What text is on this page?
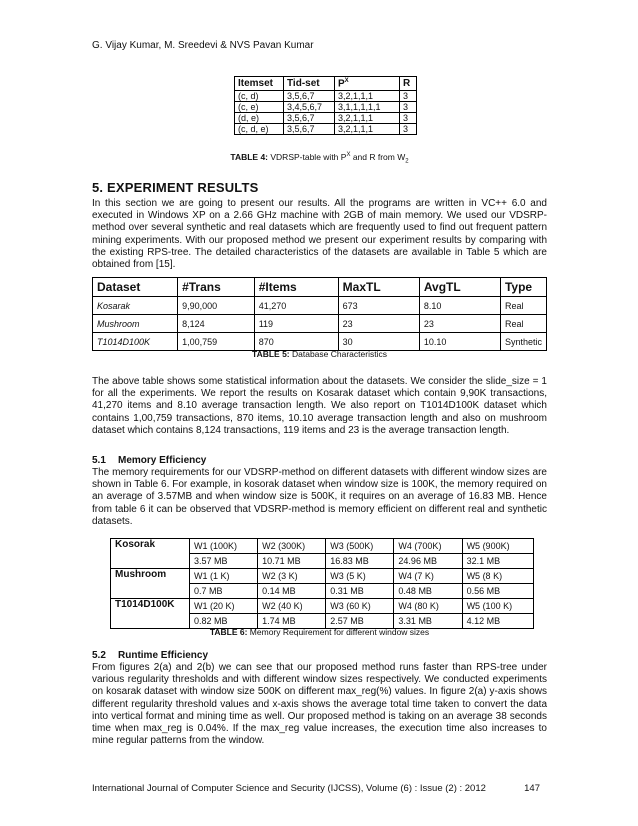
G. Vijay Kumar, M. Sreedevi & NVS Pavan Kumar
Itemset	Tid-set	$P^X$	R
(c, d)	3,5,6,7	3,2,1,1,1	3
(c, e)	3,4,5,6,7	3,1,1,1,1,1	3
(d, e)	3,5,6,7	3,2,1,1,1	3
(c, d, e)	3,5,6,7	3,2,1,1,1	3
TABLE 4: VDRSP-table with $P^X$ and R from $W_2$
5. EXPERIMENT RESULTS
In this section we are going to present our results. All the programs are written in VC++ 6.0 and executed in Windows XP on a 2.66 GHz machine with 2GB of main memory. We used our VDSRP-method over several synthetic and real datasets which are frequently used to find out frequent pattern mining experiments. With our proposed method we present our experiment results by comparing with the existing RPS-tree. The detailed characteristics of the datasets are available in Table 5 which are obtained from [15].
Dataset	#Trans	#Items	MaxTL	AvgTL	Type
Kosarak	9,90,000	41,270	673	8.10	Real
Mushroom	8,124	119	23	23	Real
T1014D100K	1,00,759	870	30	10.10	Synthetic
TABLE 5: Database Characteristics
The above table shows some statistical information about the datasets. We consider the slide_size = 1 for all the experiments. We report the results on Kosarak dataset which contain 9,90K transactions, 41,270 items and 8.10 average transaction length. We also report on T1014D100K dataset which contains 1,00,759 transactions, 870 items, 10.10 average transaction length and also on mushroom dataset which contains 8,124 transactions, 119 items and 23 is the average transaction length.
5.1 Memory Efficiency
The memory requirements for our VDSRP-method on different datasets with different window sizes are shown in Table 6. For example, in kosorak dataset when window size is 100K, the memory required on an average of 3.57MB and when window size is 500K, it requires on an average of 16.83 MB. Hence from table 6 it can be observed that VDSRP-method is memory efficient on different real and synthetic datasets.
Kosorak	W1 (100K)	W2 (300K)	W3 (500K)	W4 (700K)	W5 (900K)
	3.57 MB	10.71 MB	16.83 MB	24.96 MB	32.1 MB
Mushroom	W1 (1 K)	W2 (3 K)	W3 (5 K)	W4 (7 K)	W5 (8 K)
	0.7 MB	0.14 MB	0.31 MB	0.48 MB	0.56 MB
T1014D100K	W1 (20 K)	W2 (40 K)	W3 (60 K)	W4 (80 K)	W5 (100 K)
	0.82 MB	1.74 MB	2.57 MB	3.31 MB	4.12 MB
TABLE 6: Memory Requirement for different window sizes
5.2 Runtime Efficiency
From figures 2(a) and 2(b) we can see that our proposed method runs faster than RPS-tree under various regularity thresholds and with different window sizes respectively. We conducted experiments on kosarak dataset with window size 500K on different max_reg(%) values. In figure 2(a) y-axis shows different regularity threshold values and x-axis shows the average total time taken to convert the data into vertical format and mining time as well. Our proposed method is taking on an average 38 seconds time when max_reg is 0.04%. If the max_reg value increases, the execution time also increases to mine regular patterns from the window.
International Journal of Computer Science and Security (IJCSS), Volume (6) : Issue (2) : 2012	147
